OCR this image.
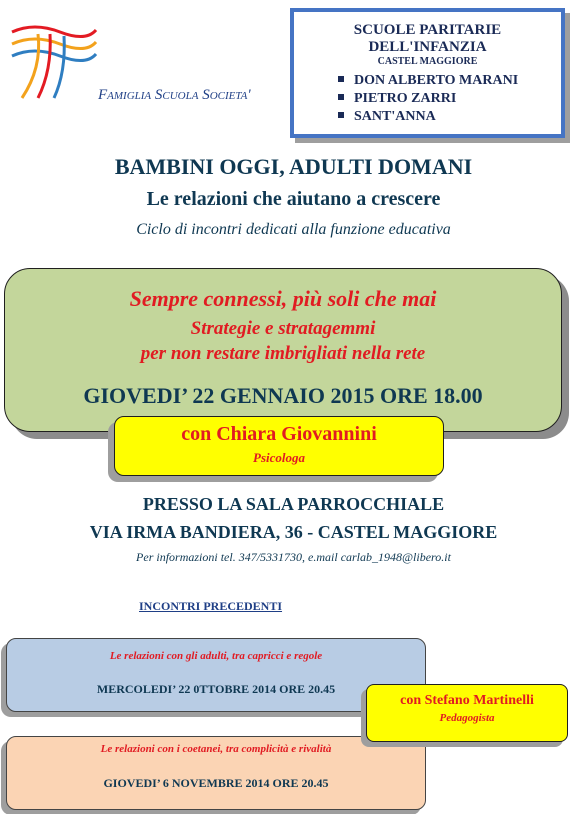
Famiglia Scuola Societa'
SCUOLE PARITARIE
DELL'INFANZIA
CASTEL MAGGIORE
DON ALBERTO MARANI
PIETRO ZARRI
SANT'ANNA
BAMBINI OGGI, ADULTI DOMANI
Le relazioni che aiutano a crescere
Ciclo di incontri dedicati alla funzione educativa
Sempre connessi, più soli che mai
Strategie e stratagemmi
per non restare imbrigliati nella rete
GIOVEDI’ 22 GENNAIO 2015 ORE 18.00
con Chiara Giovannini
Psicologa
PRESSO LA SALA PARROCCHIALE
VIA IRMA BANDIERA, 36 - CASTEL MAGGIORE
Per informazioni tel. 347/5331730, e.mail carlab_1948@libero.it
INCONTRI PRECEDENTI
Le relazioni con gli adulti, tra capricci e regole
MERCOLEDI’ 22 0TTOBRE 2014 ORE 20.45
Le relazioni con i coetanei, tra complicità e rivalità
GIOVEDI’ 6 NOVEMBRE 2014 ORE 20.45
con Stefano Martinelli
Pedagogista
